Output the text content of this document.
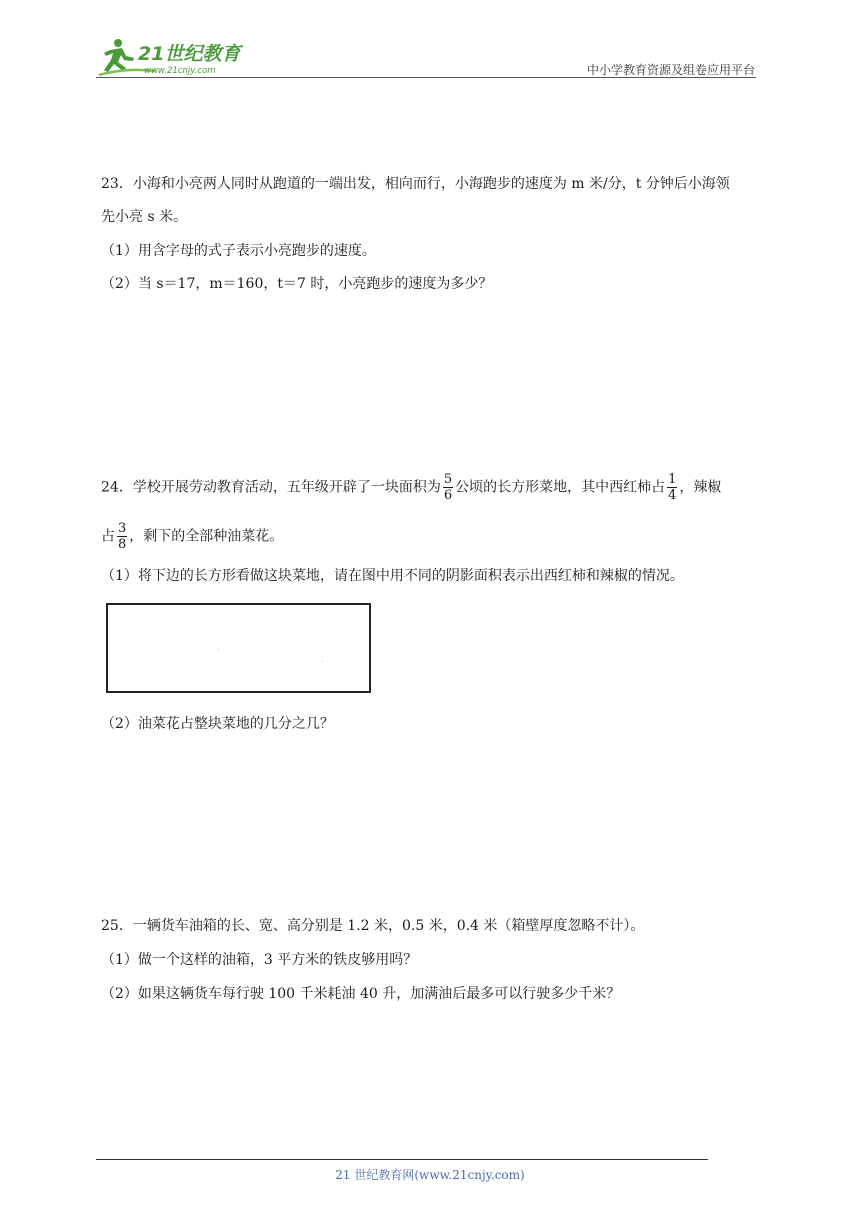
21世纪教育
www.21cnjy.com	中小学教育资源及组卷应用平台
23．小海和小亮两人同时从跑道的一端出发，相向而行，小海跑步的速度为 m 米/分，t 分钟后小海领
先小亮 s 米。
（1）用含字母的式子表示小亮跑步的速度。
（2）当 s＝17，m＝160，t＝7 时，小亮跑步的速度为多少？
24．学校开展劳动教育活动，五年级开辟了一块面积为 $\frac{5}{6}$ 公顷的长方形菜地，其中西红柿占 $\frac{1}{4}$ ，辣椒
占 $\frac{3}{8}$ ，剩下的全部种油菜花。
（1）将下边的长方形看做这块菜地，请在图中用不同的阴影面积表示出西红柿和辣椒的情况。
（2）油菜花占整块菜地的几分之几？
25．一辆货车油箱的长、宽、高分别是 1.2 米，0.5 米，0.4 米（箱壁厚度忽略不计）。
（1）做一个这样的油箱，3 平方米的铁皮够用吗？
（2）如果这辆货车每行驶 100 千米耗油 40 升，加满油后最多可以行驶多少千米？
21 世纪教育网(www.21cnjy.com)
